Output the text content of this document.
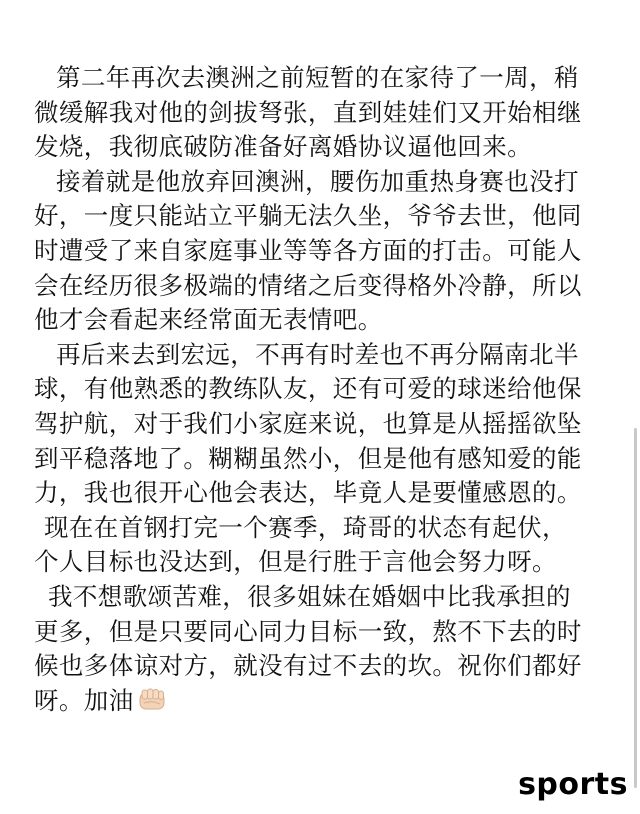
第二年再次去澳洲之前短暂的在家待了一周，稍
微缓解我对他的剑拔弩张，直到娃娃们又开始相继
发烧，我彻底破防准备好离婚协议逼他回来。
接着就是他放弃回澳洲，腰伤加重热身赛也没打
好，一度只能站立平躺无法久坐，爷爷去世，他同
时遭受了来自家庭事业等等各方面的打击。可能人
会在经历很多极端的情绪之后变得格外冷静，所以
他才会看起来经常面无表情吧。
再后来去到宏远，不再有时差也不再分隔南北半
球，有他熟悉的教练队友，还有可爱的球迷给他保
驾护航，对于我们小家庭来说，也算是从摇摇欲坠
到平稳落地了。糊糊虽然小，但是他有感知爱的能
力，我也很开心他会表达，毕竟人是要懂感恩的。
现在在首钢打完一个赛季，琦哥的状态有起伏，
个人目标也没达到，但是行胜于言他会努力呀。
我不想歌颂苦难，很多姐妹在婚姻中比我承担的
更多，但是只要同心同力目标一致，熬不下去的时
候也多体谅对方，就没有过不去的坎。祝你们都好
呀。加油
sports
